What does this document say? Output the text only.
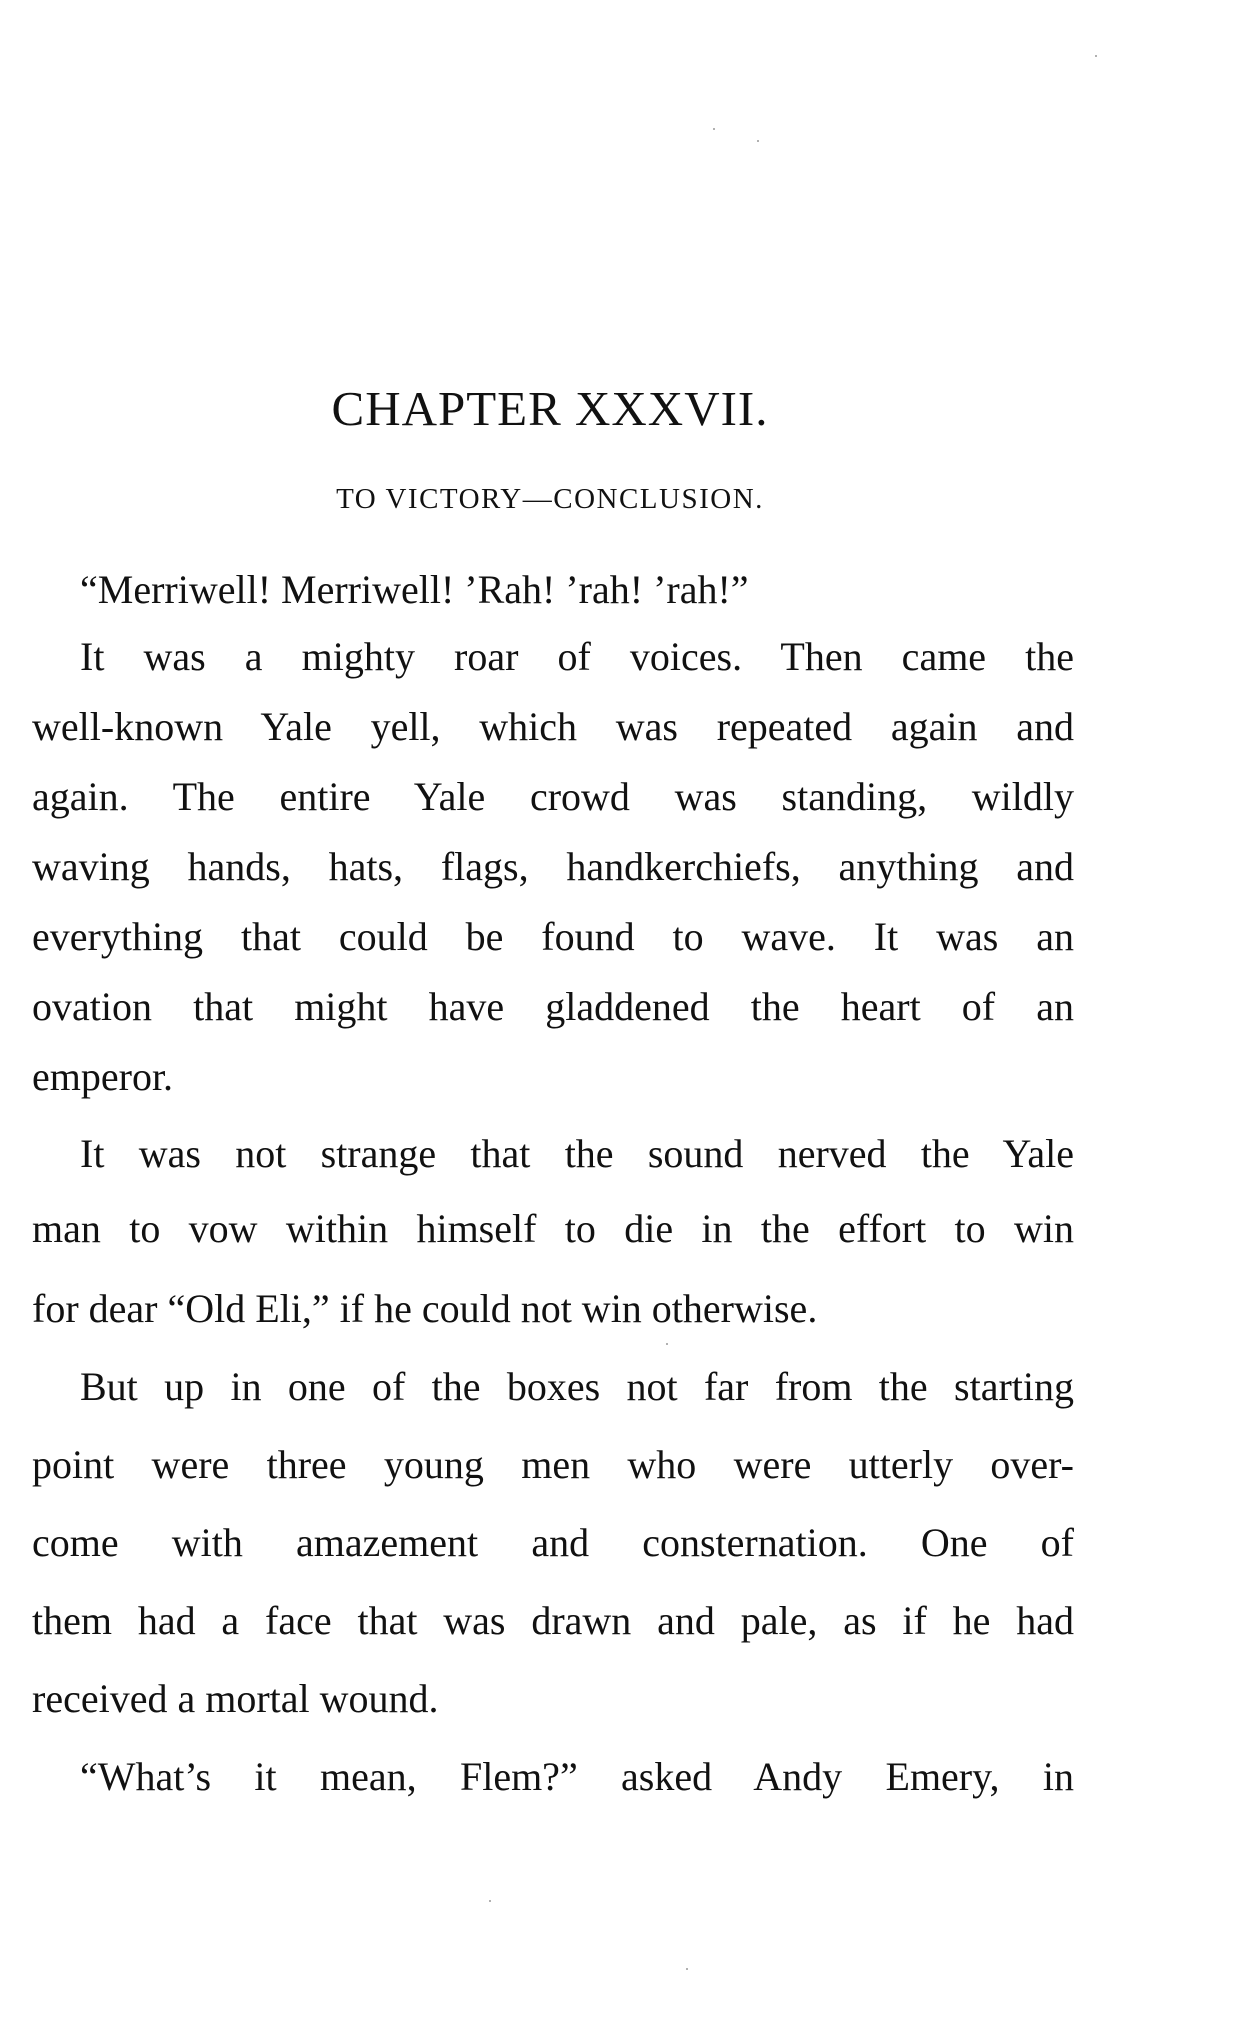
CHAPTER XXXVII.
TO VICTORY—CONCLUSION.

“Merriwell! Merriwell! ’Rah! ’rah! ’rah!”

It was a mighty roar of voices. Then came the

well-known Yale yell, which was repeated again and

again. The entire Yale crowd was standing, wildly

waving hands, hats, flags, handkerchiefs, anything and

everything that could be found to wave. It was an

ovation that might have gladdened the heart of an

emperor.

It was not strange that the sound nerved the Yale

man to vow within himself to die in the effort to win

for dear “Old Eli,” if he could not win otherwise.

But up in one of the boxes not far from the starting

point were three young men who were utterly over-

come with amazement and consternation. One of

them had a face that was drawn and pale, as if he had

received a mortal wound.

“What’s it mean, Flem?” asked Andy Emery, in
